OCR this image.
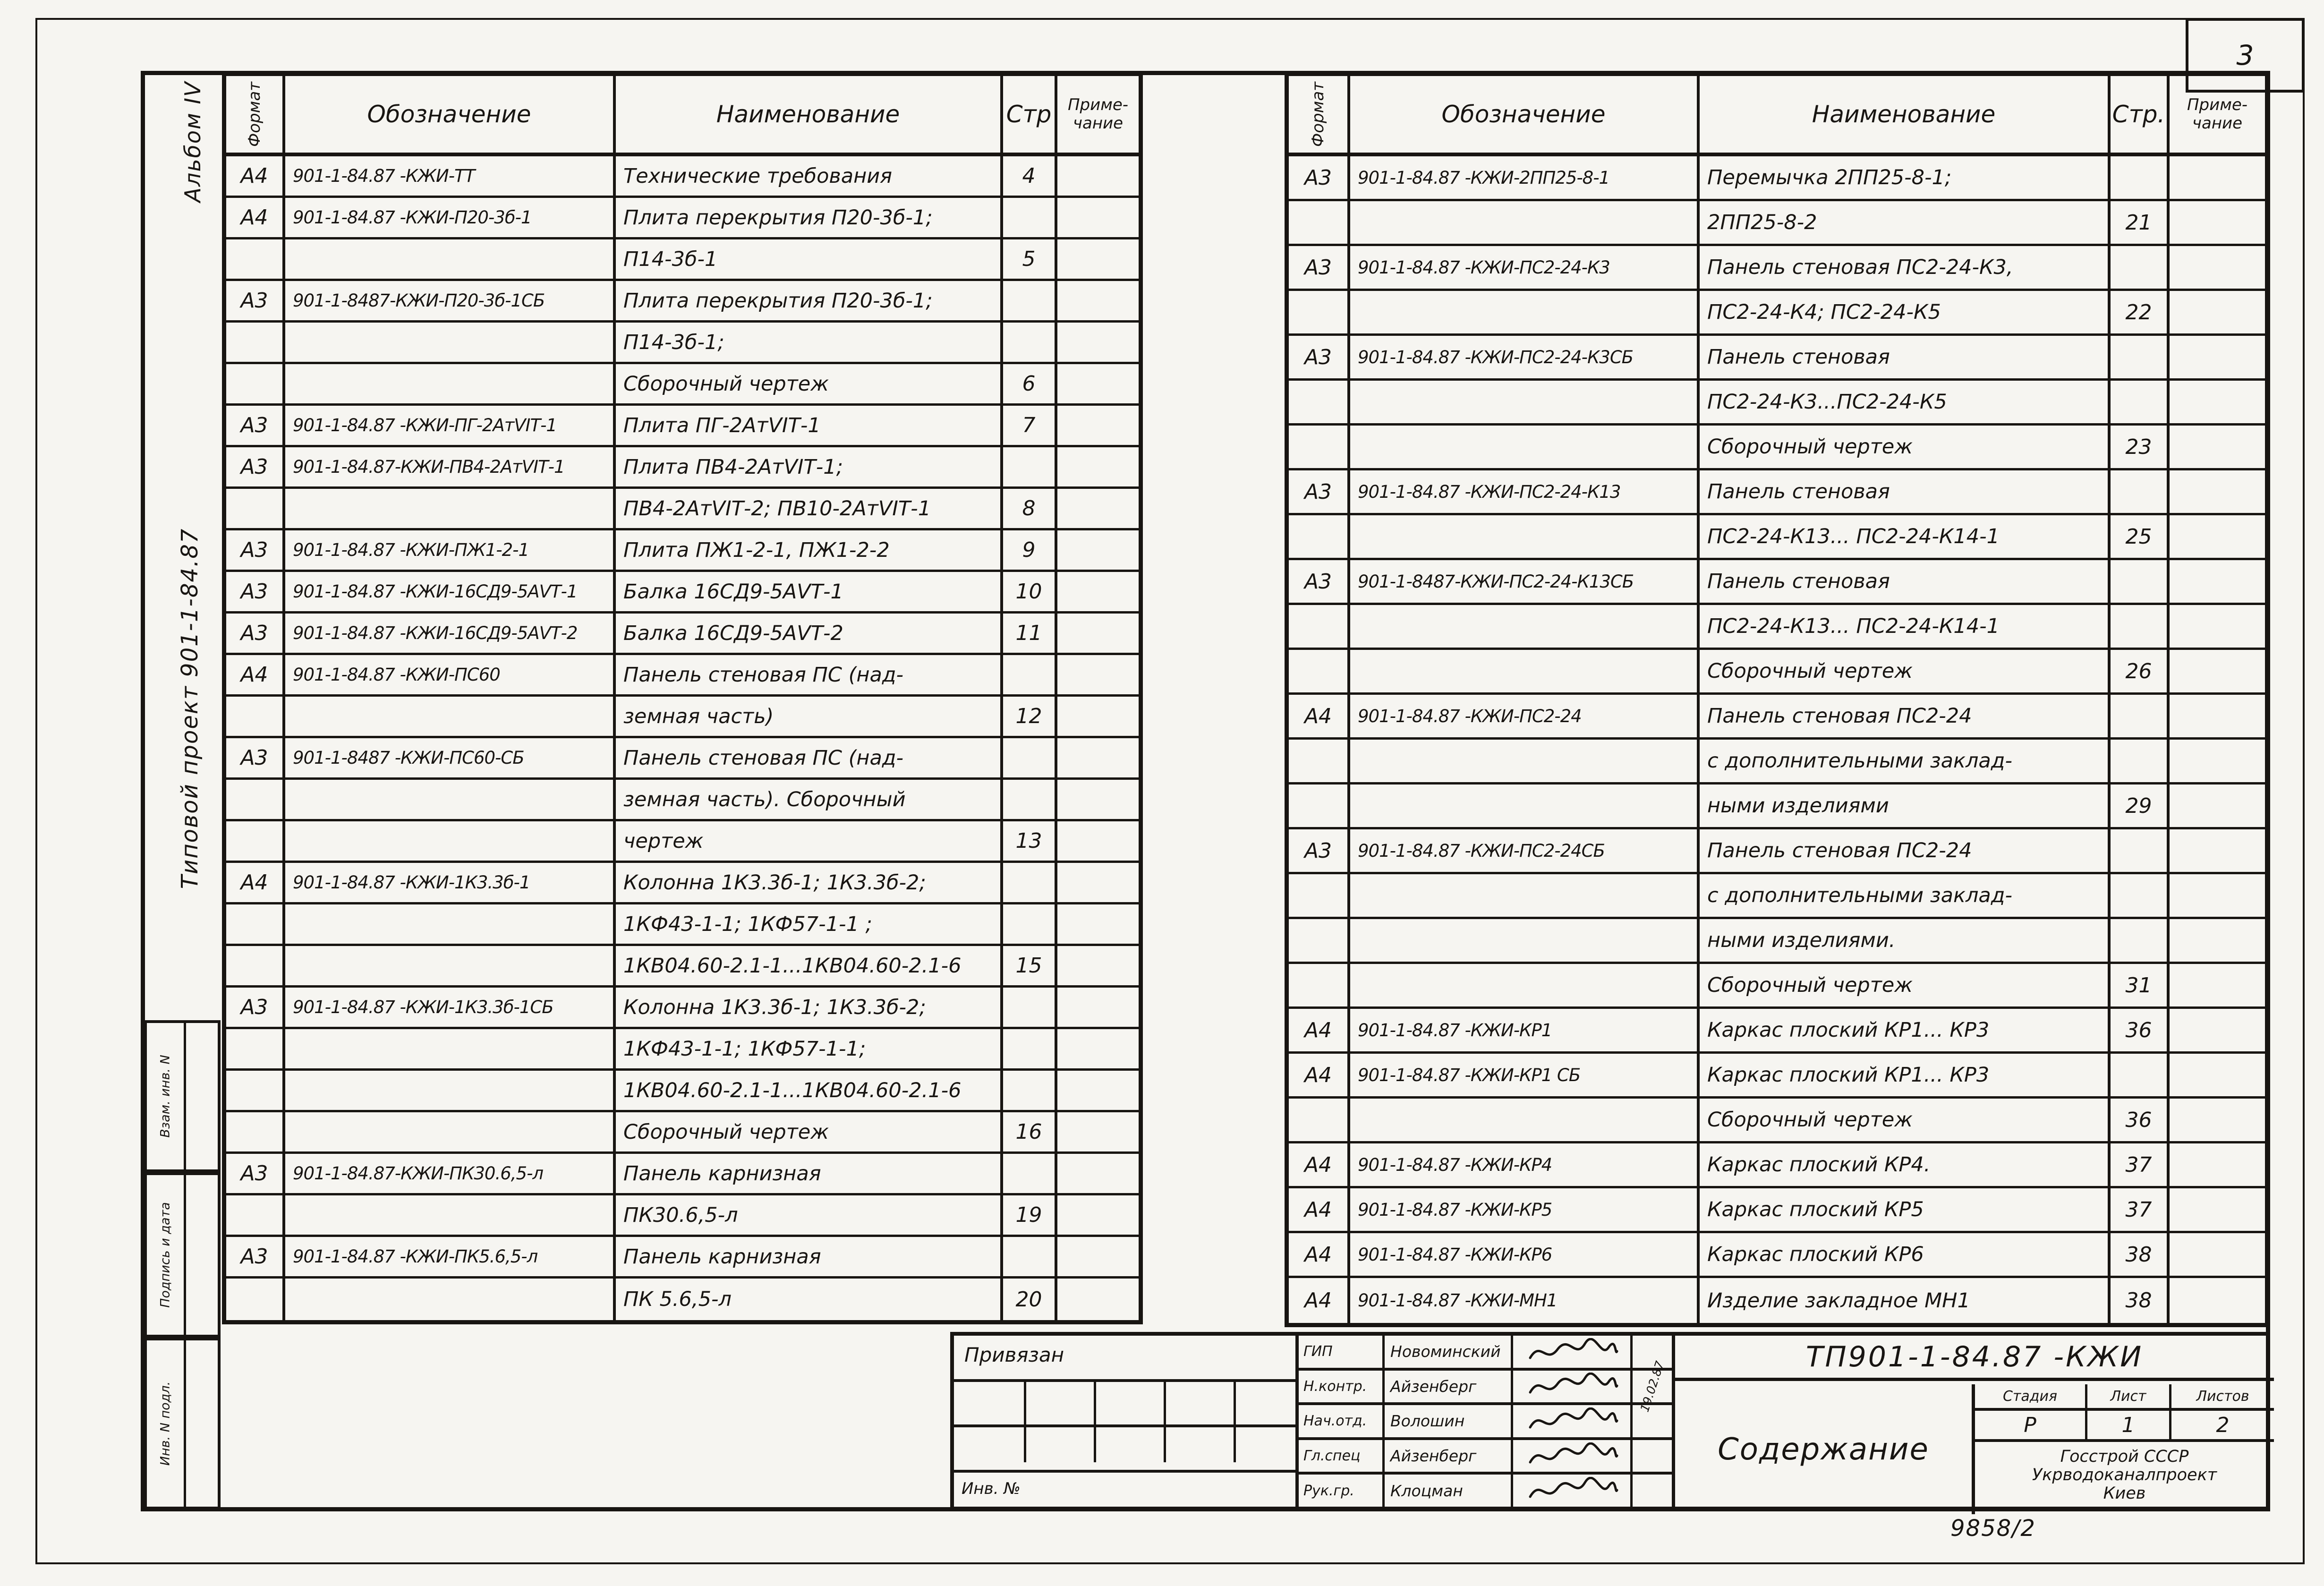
3
Альбом IV
Типовой проект 901-1-84.87
Взам. инв. N
Подпись и дата
Инв. N подл.
Формат	Обозначение	Наименование	Стр	Приме-
чание
А4	901-1-84.87 -КЖИ-ТТ	Технические требования	4
А4	901-1-84.87 -КЖИ-П20-3б-1	Плита перекрытия П20-3б-1;
П14-3б-1	5
А3	901-1-8487-КЖИ-П20-3б-1СБ	Плита перекрытия П20-3б-1;
П14-3б-1;
Сборочный чертеж	6
А3	901-1-84.87 -КЖИ-ПГ-2АтVIТ-1	Плита ПГ-2АтVIТ-1	7
А3	901-1-84.87-КЖИ-ПВ4-2АтVIТ-1	Плита ПВ4-2АтVIТ-1;
ПВ4-2АтVIТ-2; ПВ10-2АтVIТ-1	8
А3	901-1-84.87 -КЖИ-ПЖ1-2-1	Плита ПЖ1-2-1, ПЖ1-2-2	9
А3	901-1-84.87 -КЖИ-16СД9-5АVТ-1	Балка 16СД9-5АVТ-1	10
А3	901-1-84.87 -КЖИ-16СД9-5АVТ-2	Балка 16СД9-5АVТ-2	11
А4	901-1-84.87 -КЖИ-ПС60	Панель стеновая ПС (над-
земная часть)	12
А3	901-1-8487 -КЖИ-ПС60-СБ	Панель стеновая ПС (над-
земная часть). Сборочный
чертеж	13
А4	901-1-84.87 -КЖИ-1К3.3б-1	Колонна 1К3.3б-1; 1К3.3б-2;
1КФ43-1-1; 1КФ57-1-1 ;
1КВ04.60-2.1-1...1КВ04.60-2.1-6	15
А3	901-1-84.87 -КЖИ-1К3.3б-1СБ	Колонна 1К3.3б-1; 1К3.3б-2;
1КФ43-1-1; 1КФ57-1-1;
1КВ04.60-2.1-1...1КВ04.60-2.1-6
Сборочный чертеж	16
А3	901-1-84.87-КЖИ-ПК30.6,5-л	Панель карнизная
ПК30.6,5-л	19
А3	901-1-84.87 -КЖИ-ПК5.6,5-л	Панель карнизная
ПК 5.6,5-л	20
Формат	Обозначение	Наименование	Стр. Приме-
чание
А3	901-1-84.87 -КЖИ-2ПП25-8-1	Перемычка 2ПП25-8-1;
2ПП25-8-2	21
А3	901-1-84.87 -КЖИ-ПС2-24-К3	Панель стеновая ПС2-24-К3,
ПС2-24-К4; ПС2-24-К5	22
А3	901-1-84.87 -КЖИ-ПС2-24-К3СБ	Панель стеновая
ПС2-24-К3...ПС2-24-К5
Сборочный чертеж	23
А3	901-1-84.87 -КЖИ-ПС2-24-К13	Панель стеновая
ПС2-24-К13... ПС2-24-К14-1	25
А3	901-1-8487-КЖИ-ПС2-24-К13СБ	Панель стеновая
ПС2-24-К13... ПС2-24-К14-1
Сборочный чертеж	26
А4	901-1-84.87 -КЖИ-ПС2-24	Панель стеновая ПС2-24
с дополнительными заклад-
ными изделиями	29
А3	901-1-84.87 -КЖИ-ПС2-24СБ	Панель стеновая ПС2-24
с дополнительными заклад-
ными изделиями.
Сборочный чертеж	31
А4	901-1-84.87 -КЖИ-КР1	Каркас плоский КР1... КР3	36
А4	901-1-84.87 -КЖИ-КР1 СБ	Каркас плоский КР1... КР3
Сборочный чертеж	36
А4	901-1-84.87 -КЖИ-КР4	Каркас плоский КР4.	37
А4	901-1-84.87 -КЖИ-КР5	Каркас плоский КР5	37
А4	901-1-84.87 -КЖИ-КР6	Каркас плоский КР6	38
А4	901-1-84.87 -КЖИ-МН1	Изделие закладное МН1	38
Привязан
Инв. №
ГИП	Новоминский
Н.контр.	Айзенберг	19.02.87
Нач.отд.	Волошин
Гл.спец	Айзенберг
Рук.гр.	Клоцман
ТП901-1-84.87 -КЖИ
Содержание
Стадия	Лист	Листов
Р	1	2
Госстрой СССР
Укрводоканалпроект
Киев
9858/2
